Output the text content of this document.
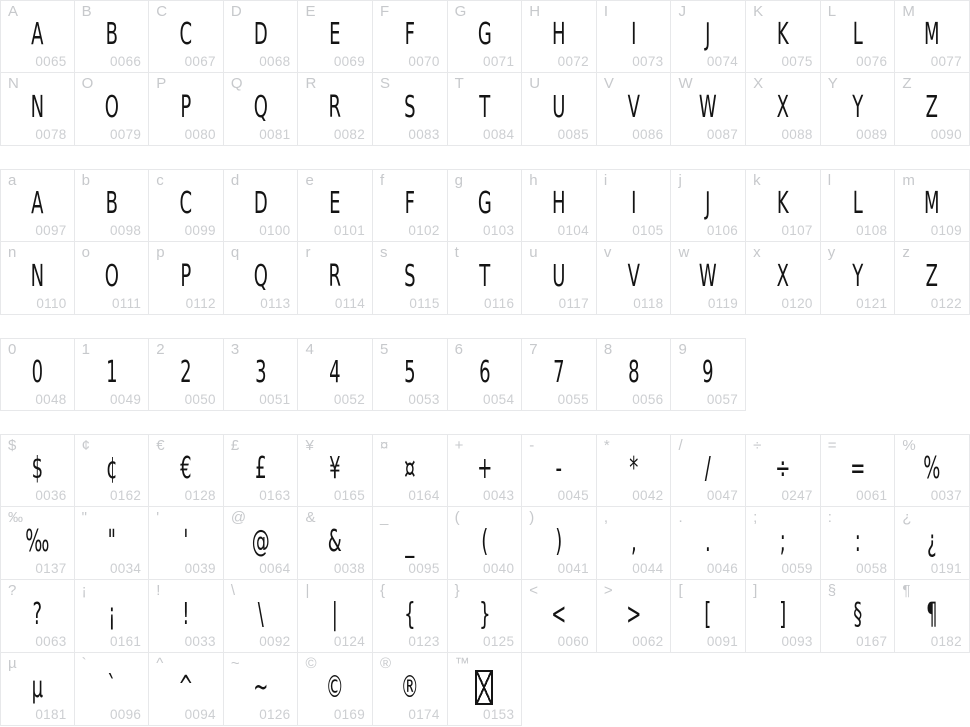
A
A
0065
B
B
0066
C
C
0067
D
D
0068
E
E
0069
F
F
0070
G
G
0071
H
H
0072
I
I
0073
J
J
0074
K
K
0075
L
L
0076
M
M
0077
N
N
0078
O
O
0079
P
P
0080
Q
Q
0081
R
R
0082
S
S
0083
T
T
0084
U
U
0085
V
V
0086
W
W
0087
X
X
0088
Y
Y
0089
Z
Z
0090
a
A
0097
b
B
0098
c
C
0099
d
D
0100
e
E
0101
f
F
0102
g
G
0103
h
H
0104
i
I
0105
j
J
0106
k
K
0107
l
L
0108
m
M
0109
n
N
0110
o
O
0111
p
P
0112
q
Q
0113
r
R
0114
s
S
0115
t
T
0116
u
U
0117
v
V
0118
w
W
0119
x
X
0120
y
Y
0121
z
Z
0122
0
0
0048
1
1
0049
2
2
0050
3
3
0051
4
4
0052
5
5
0053
6
6
0054
7
7
0055
8
8
0056
9
9
0057
$
$
0036
¢
¢
0162
€
€
0128
£
£
0163
¥
¥
0165
¤
¤
0164
+
+
0043
-
-
0045
*
*
0042
/
/
0047
÷
÷
0247
=
=
0061
%
%
0037
‰
‰
0137
"
"
0034
'
'
0039
@
@
0064
&
&
0038
_
_
0095
(
(
0040
)
)
0041
,
,
0044
.
.
0046
;
;
0059
:
:
0058
¿
¿
0191
?
?
0063
¡
¡
0161
!
!
0033
\
\
0092
|
|
0124
{
{
0123
}
}
0125
<
<
0060
>
>
0062
[
[
0091
]
]
0093
§
§
0167
¶
¶
0182
µ
µ
0181
`
`
0096
^
^
0094
~
~
0126
©
©
0169
®
®
0174
™
0153
